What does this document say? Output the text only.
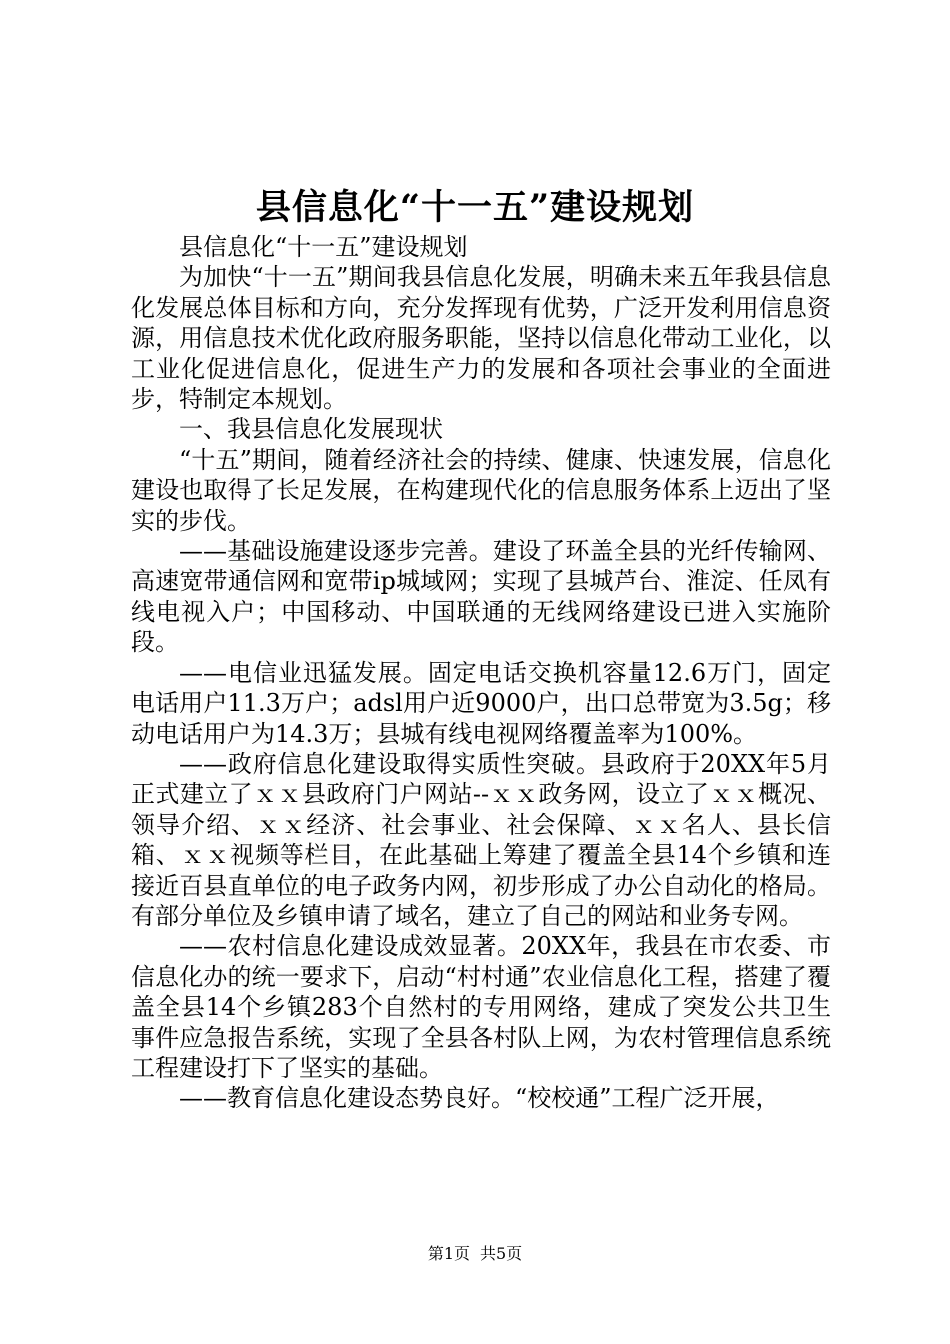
县信息化“十一五”建设规划

县信息化“十一五”建设规划

为加快“十一五”期间我县信息化发展，明确未来五年我县信息化发展总体目标和方向，充分发挥现有优势，广泛开发利用信息资源，用信息技术优化政府服务职能，坚持以信息化带动工业化，以工业化促进信息化，促进生产力的发展和各项社会事业的全面进步，特制定本规划。

一、我县信息化发展现状

“十五”期间，随着经济社会的持续、健康、快速发展，信息化建设也取得了长足发展，在构建现代化的信息服务体系上迈出了坚实的步伐。

——基础设施建设逐步完善。建设了环盖全县的光纤传输网、高速宽带通信网和宽带ip城域网；实现了县城芦台、淮淀、任凤有线电视入户；中国移动、中国联通的无线网络建设已进入实施阶段。

——电信业迅猛发展。固定电话交换机容量12.6万门，固定电话用户11.3万户；adsl用户近9000户，出口总带宽为3.5g；移动电话用户为14.3万；县城有线电视网络覆盖率为100%。

——政府信息化建设取得实质性突破。县政府于20XX年5月正式建立了ｘｘ县政府门户网站--ｘｘ政务网，设立了ｘｘ概况、领导介绍、ｘｘ经济、社会事业、社会保障、ｘｘ名人、县长信箱、ｘｘ视频等栏目，在此基础上筹建了覆盖全县14个乡镇和连接近百县直单位的电子政务内网，初步形成了办公自动化的格局。有部分单位及乡镇申请了域名，建立了自己的网站和业务专网。

——农村信息化建设成效显著。20XX年，我县在市农委、市信息化办的统一要求下，启动“村村通”农业信息化工程，搭建了覆盖全县14个乡镇283个自然村的专用网络，建成了突发公共卫生事件应急报告系统，实现了全县各村队上网，为农村管理信息系统工程建设打下了坚实的基础。

——教育信息化建设态势良好。“校校通”工程广泛开展，

第1页 共5页
